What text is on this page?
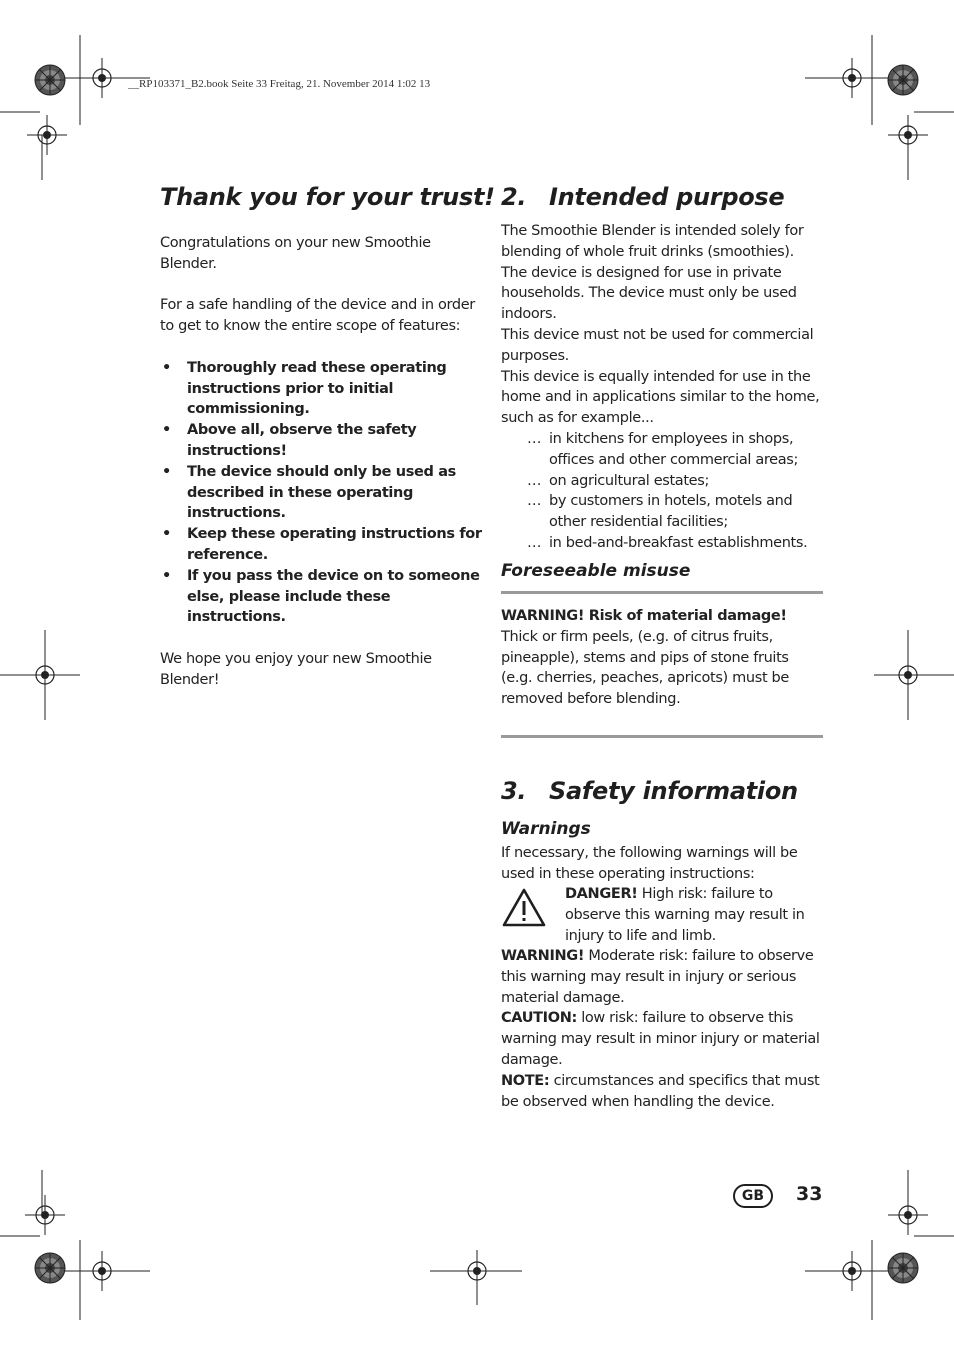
__RP103371_B2.book Seite 33 Freitag, 21. November 2014 1:02 13
Thank you for your trust!

Congratulations on your new Smoothie Blender.

For a safe handling of the device and in order to get to know the entire scope of features:

• Thoroughly read these operating instructions prior to initial commissioning.
• Above all, observe the safety instructions!
• The device should only be used as described in these operating instructions.
• Keep these operating instructions for reference.
• If you pass the device on to someone else, please include these instructions.

We hope you enjoy your new Smoothie Blender!

2. Intended purpose

The Smoothie Blender is intended solely for blending of whole fruit drinks (smoothies).

The device is designed for use in private households. The device must only be used indoors.

This device must not be used for commercial purposes.

This device is equally intended for use in the home and in applications similar to the home, such as for example...

… in kitchens for employees in shops, offices and other commercial areas;
… on agricultural estates;
… by customers in hotels, motels and other residential facilities;
… in bed-and-breakfast establishments.
Foreseeable misuse

WARNING! Risk of material damage!

Thick or firm peels, (e.g. of citrus fruits, pineapple), stems and pips of stone fruits (e.g. cherries, peaches, apricots) must be removed before blending.

3. Safety information
Warnings
If necessary, the following warnings will be used in these operating instructions:
DANGER! High risk: failure to observe this warning may result in injury to life and limb.

WARNING! Moderate risk: failure to observe this warning may result in injury or serious material damage.

CAUTION: low risk: failure to observe this warning may result in minor injury or material damage.

NOTE: circumstances and specifics that must be observed when handling the device.

GB	33
